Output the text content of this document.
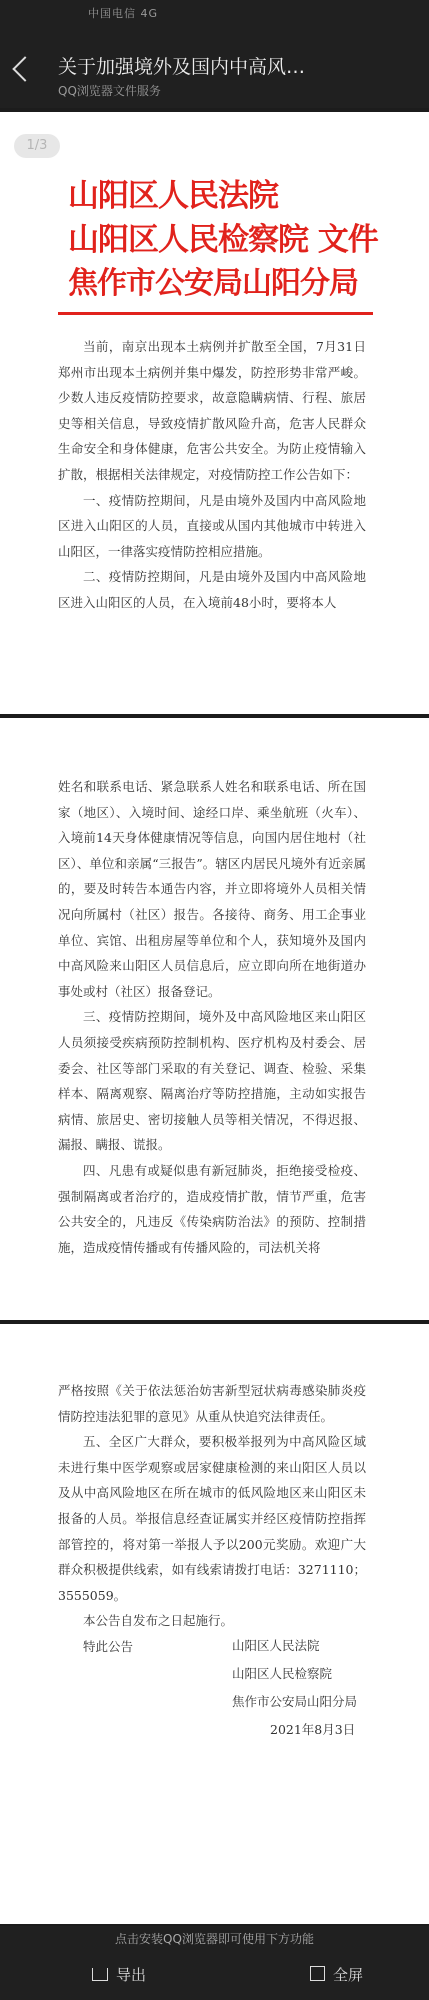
中国电信 4G
关于加强境外及国内中高风…
QQ浏览器文件服务
1/3
山阳区人民法院
山阳区人民检察院 文件
焦作市公安局山阳分局

当前，南京出现本土病例并扩散至全国，7月31日郑州市出现本土病例并集中爆发，防控形势非常严峻。少数人违反疫情防控要求，故意隐瞒病情、行程、旅居史等相关信息，导致疫情扩散风险升高，危害人民群众生命安全和身体健康，危害公共安全。为防止疫情输入扩散，根据相关法律规定，对疫情防控工作公告如下：

一、疫情防控期间，凡是由境外及国内中高风险地区进入山阳区的人员，直接或从国内其他城市中转进入山阳区，一律落实疫情防控相应措施。

二、疫情防控期间，凡是由境外及国内中高风险地区进入山阳区的人员，在入境前48小时，要将本人

姓名和联系电话、紧急联系人姓名和联系电话、所在国家（地区）、入境时间、途经口岸、乘坐航班（火车）、入境前14天身体健康情况等信息，向国内居住地村（社区）、单位和亲属“三报告”。辖区内居民凡境外有近亲属的，要及时转告本通告内容，并立即将境外人员相关情况向所属村（社区）报告。各接待、商务、用工企事业单位、宾馆、出租房屋等单位和个人，获知境外及国内中高风险来山阳区人员信息后，应立即向所在地街道办事处或村（社区）报备登记。

三、疫情防控期间，境外及中高风险地区来山阳区人员须接受疾病预防控制机构、医疗机构及村委会、居委会、社区等部门采取的有关登记、调查、检验、采集样本、隔离观察、隔离治疗等防控措施，主动如实报告病情、旅居史、密切接触人员等相关情况，不得迟报、漏报、瞒报、谎报。

四、凡患有或疑似患有新冠肺炎，拒绝接受检疫、强制隔离或者治疗的，造成疫情扩散，情节严重，危害公共安全的，凡违反《传染病防治法》的预防、控制措施，造成疫情传播或有传播风险的，司法机关将

严格按照《关于依法惩治妨害新型冠状病毒感染肺炎疫情防控违法犯罪的意见》从重从快追究法律责任。

五、全区广大群众，要积极举报列为中高风险区域未进行集中医学观察或居家健康检测的来山阳区人员以及从中高风险地区在所在城市的低风险地区来山阳区未报备的人员。举报信息经查证属实并经区疫情防控指挥部管控的，将对第一举报人予以200元奖励。欢迎广大群众积极提供线索，如有线索请拨打电话：3271110；3555059。

本公告自发布之日起施行。

特此公告	山阳区人民法院
山阳区人民检察院
焦作市公安局山阳分局
2021年8月3日
点击安装QQ浏览器即可使用下方功能
导出	全屏
